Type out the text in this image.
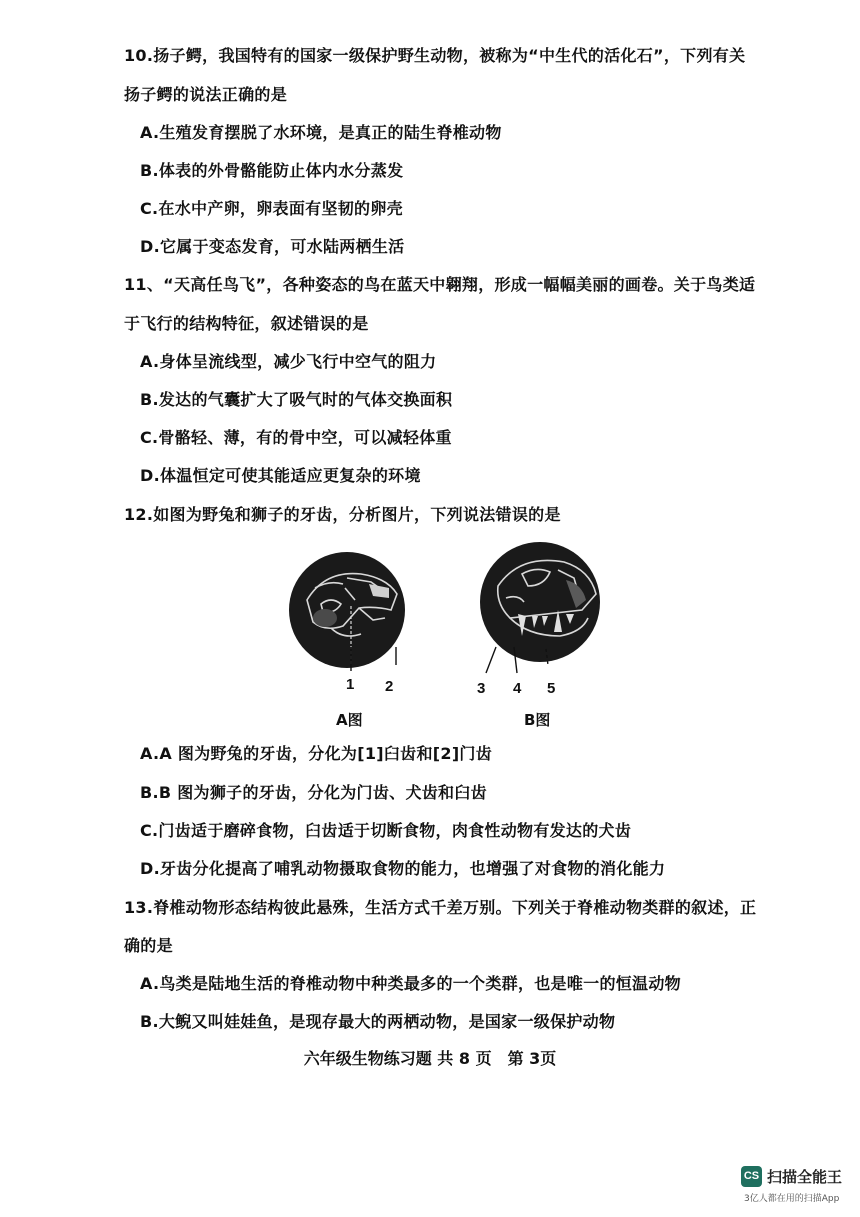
10.扬子鳄，我国特有的国家一级保护野生动物，被称为“中生代的活化石”，下列有关
扬子鳄的说法正确的是
A.生殖发育摆脱了水环境，是真正的陆生脊椎动物
B.体表的外骨骼能防止体内水分蒸发
C.在水中产卵，卵表面有坚韧的卵壳
D.它属于变态发育，可水陆两栖生活
11、“天高任鸟飞”，各种姿态的鸟在蓝天中翱翔，形成一幅幅美丽的画卷。关于鸟类适
于飞行的结构特征，叙述错误的是
A.身体呈流线型，减少飞行中空气的阻力
B.发达的气囊扩大了吸气时的气体交换面积
C.骨骼轻、薄，有的骨中空，可以减轻体重
D.体温恒定可使其能适应更复杂的环境
12.如图为野兔和狮子的牙齿，分析图片，下列说法错误的是
1 2
A图
3 4 5
B图
A.A 图为野兔的牙齿，分化为[1]臼齿和[2]门齿
B.B 图为狮子的牙齿，分化为门齿、犬齿和臼齿
C.门齿适于磨碎食物，臼齿适于切断食物，肉食性动物有发达的犬齿
D.牙齿分化提高了哺乳动物摄取食物的能力，也增强了对食物的消化能力
13.脊椎动物形态结构彼此悬殊，生活方式千差万别。下列关于脊椎动物类群的叙述，正
确的是
A.鸟类是陆地生活的脊椎动物中种类最多的一个类群，也是唯一的恒温动物
B.大鲵又叫娃娃鱼，是现存最大的两栖动物，是国家一级保护动物
六年级生物练习题 共 8 页　第 3页
CS 扫描全能王
3亿人都在用的扫描App
